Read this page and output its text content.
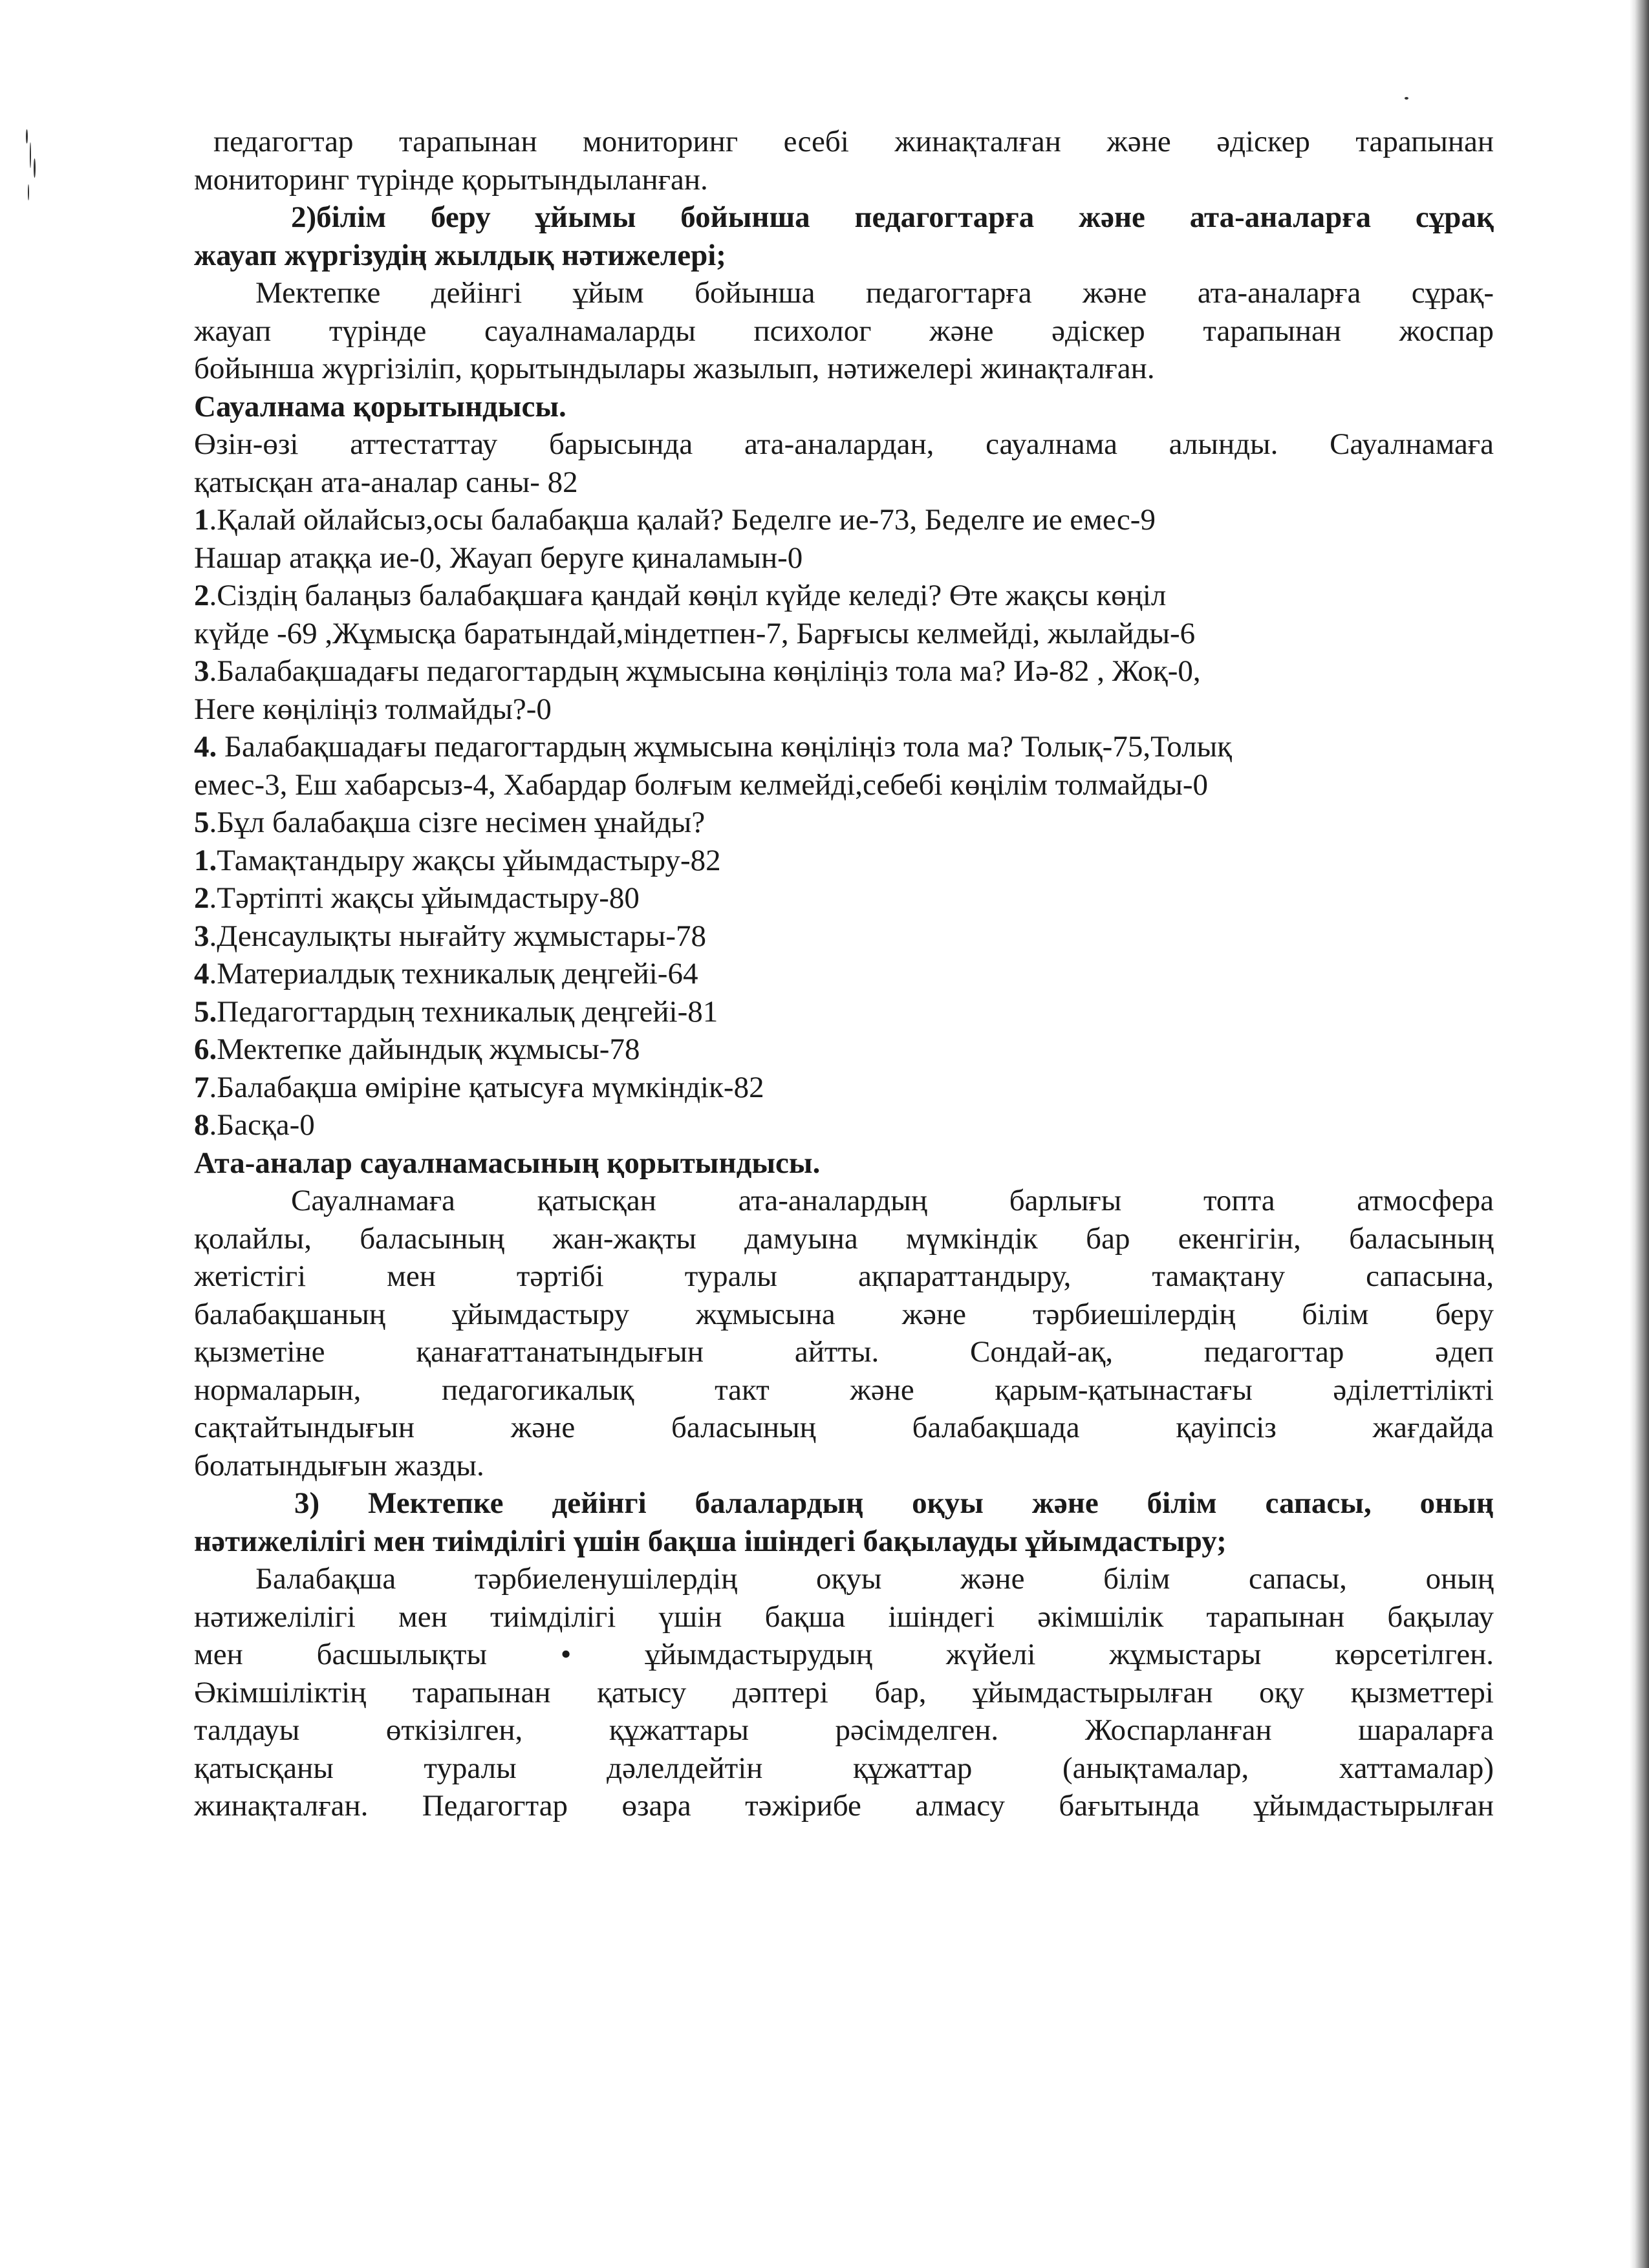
педагогтар тарапынан мониторинг есебі жинақталған және әдіскер тарапынан

мониторинг түрінде қорытындыланған.

2)білім беру ұйымы бойынша педагогтарға және ата-аналарға сұрақ

жауап жүргізудің жылдық нәтижелері;

Мектепке дейінгі ұйым бойынша педагогтарға және ата-аналарға сұрақ-

жауап түрінде сауалнамаларды психолог және әдіскер тарапынан жоспар

бойынша жүргізіліп, қорытындылары жазылып, нәтижелері жинақталған.

Сауалнама қорытындысы.

Өзін-өзі аттестаттау барысында ата-аналардан, сауалнама алынды. Сауалнамаға

қатысқан ата-аналар саны- 82

1.Қалай ойлайсыз,осы балабақша қалай? Беделге ие-73, Беделге ие емес-9

Нашар атаққа ие-0, Жауап беруге қиналамын-0

2.Сіздің балаңыз балабақшаға қандай көңіл күйде келеді? Өте жақсы көңіл

күйде -69 ,Жұмысқа баратындай,міндетпен-7, Барғысы келмейді, жылайды-6

3.Балабақшадағы педагогтардың жұмысына көңіліңіз тола ма? Иә-82 , Жоқ-0,

Неге көңіліңіз толмайды?-0

4. Балабақшадағы педагогтардың жұмысына көңіліңіз тола ма? Толық-75,Толық

емес-3, Еш хабарсыз-4, Хабардар болғым келмейді,себебі көңілім толмайды-0

5.Бұл балабақша сізге несімен ұнайды?

1.Тамақтандыру жақсы ұйымдастыру-82

2.Тәртіпті жақсы ұйымдастыру-80

3.Денсаулықты нығайту жұмыстары-78

4.Материалдық техникалық деңгейі-64

5.Педагогтардың техникалық деңгейі-81

6.Мектепке дайындық жұмысы-78

7.Балабақша өміріне қатысуға мүмкіндік-82

8.Басқа-0

Ата-аналар сауалнамасының қорытындысы.

Сауалнамаға қатысқан ата-аналардың барлығы топта атмосфера

қолайлы, баласының жан-жақты дамуына мүмкіндік бар екенгігін, баласының

жетістігі мен тәртібі туралы ақпараттандыру, тамақтану сапасына,

балабақшаның ұйымдастыру жұмысына және тәрбиешілердің білім беру

қызметіне қанағаттанатындығын айтты. Сондай-ақ, педагогтар әдеп

нормаларын, педагогикалық такт және қарым-қатынастағы әділеттілікті

сақтайтындығын және баласының балабақшада қауіпсіз жағдайда

болатындығын жазды.

3) Мектепке дейінгі балалардың оқуы және білім сапасы, оның

нәтижелілігі мен тиімділігі үшін бақша ішіндегі бақылауды ұйымдастыру;

Балабақша тәрбиеленушілердің оқуы және білім сапасы, оның

нәтижелілігі мен тиімділігі үшін бақша ішіндегі әкімшілік тарапынан бақылау

мен басшылықты • ұйымдастырудың жүйелі жұмыстары көрсетілген.

Әкімшіліктің тарапынан қатысу дәптері бар, ұйымдастырылған оқу қызметтері

талдауы өткізілген, құжаттары рәсімделген. Жоспарланған шараларға

қатысқаны туралы дәлелдейтін құжаттар (анықтамалар, хаттамалар)

жинақталған. Педагогтар өзара тәжірибе алмасу бағытында ұйымдастырылған
